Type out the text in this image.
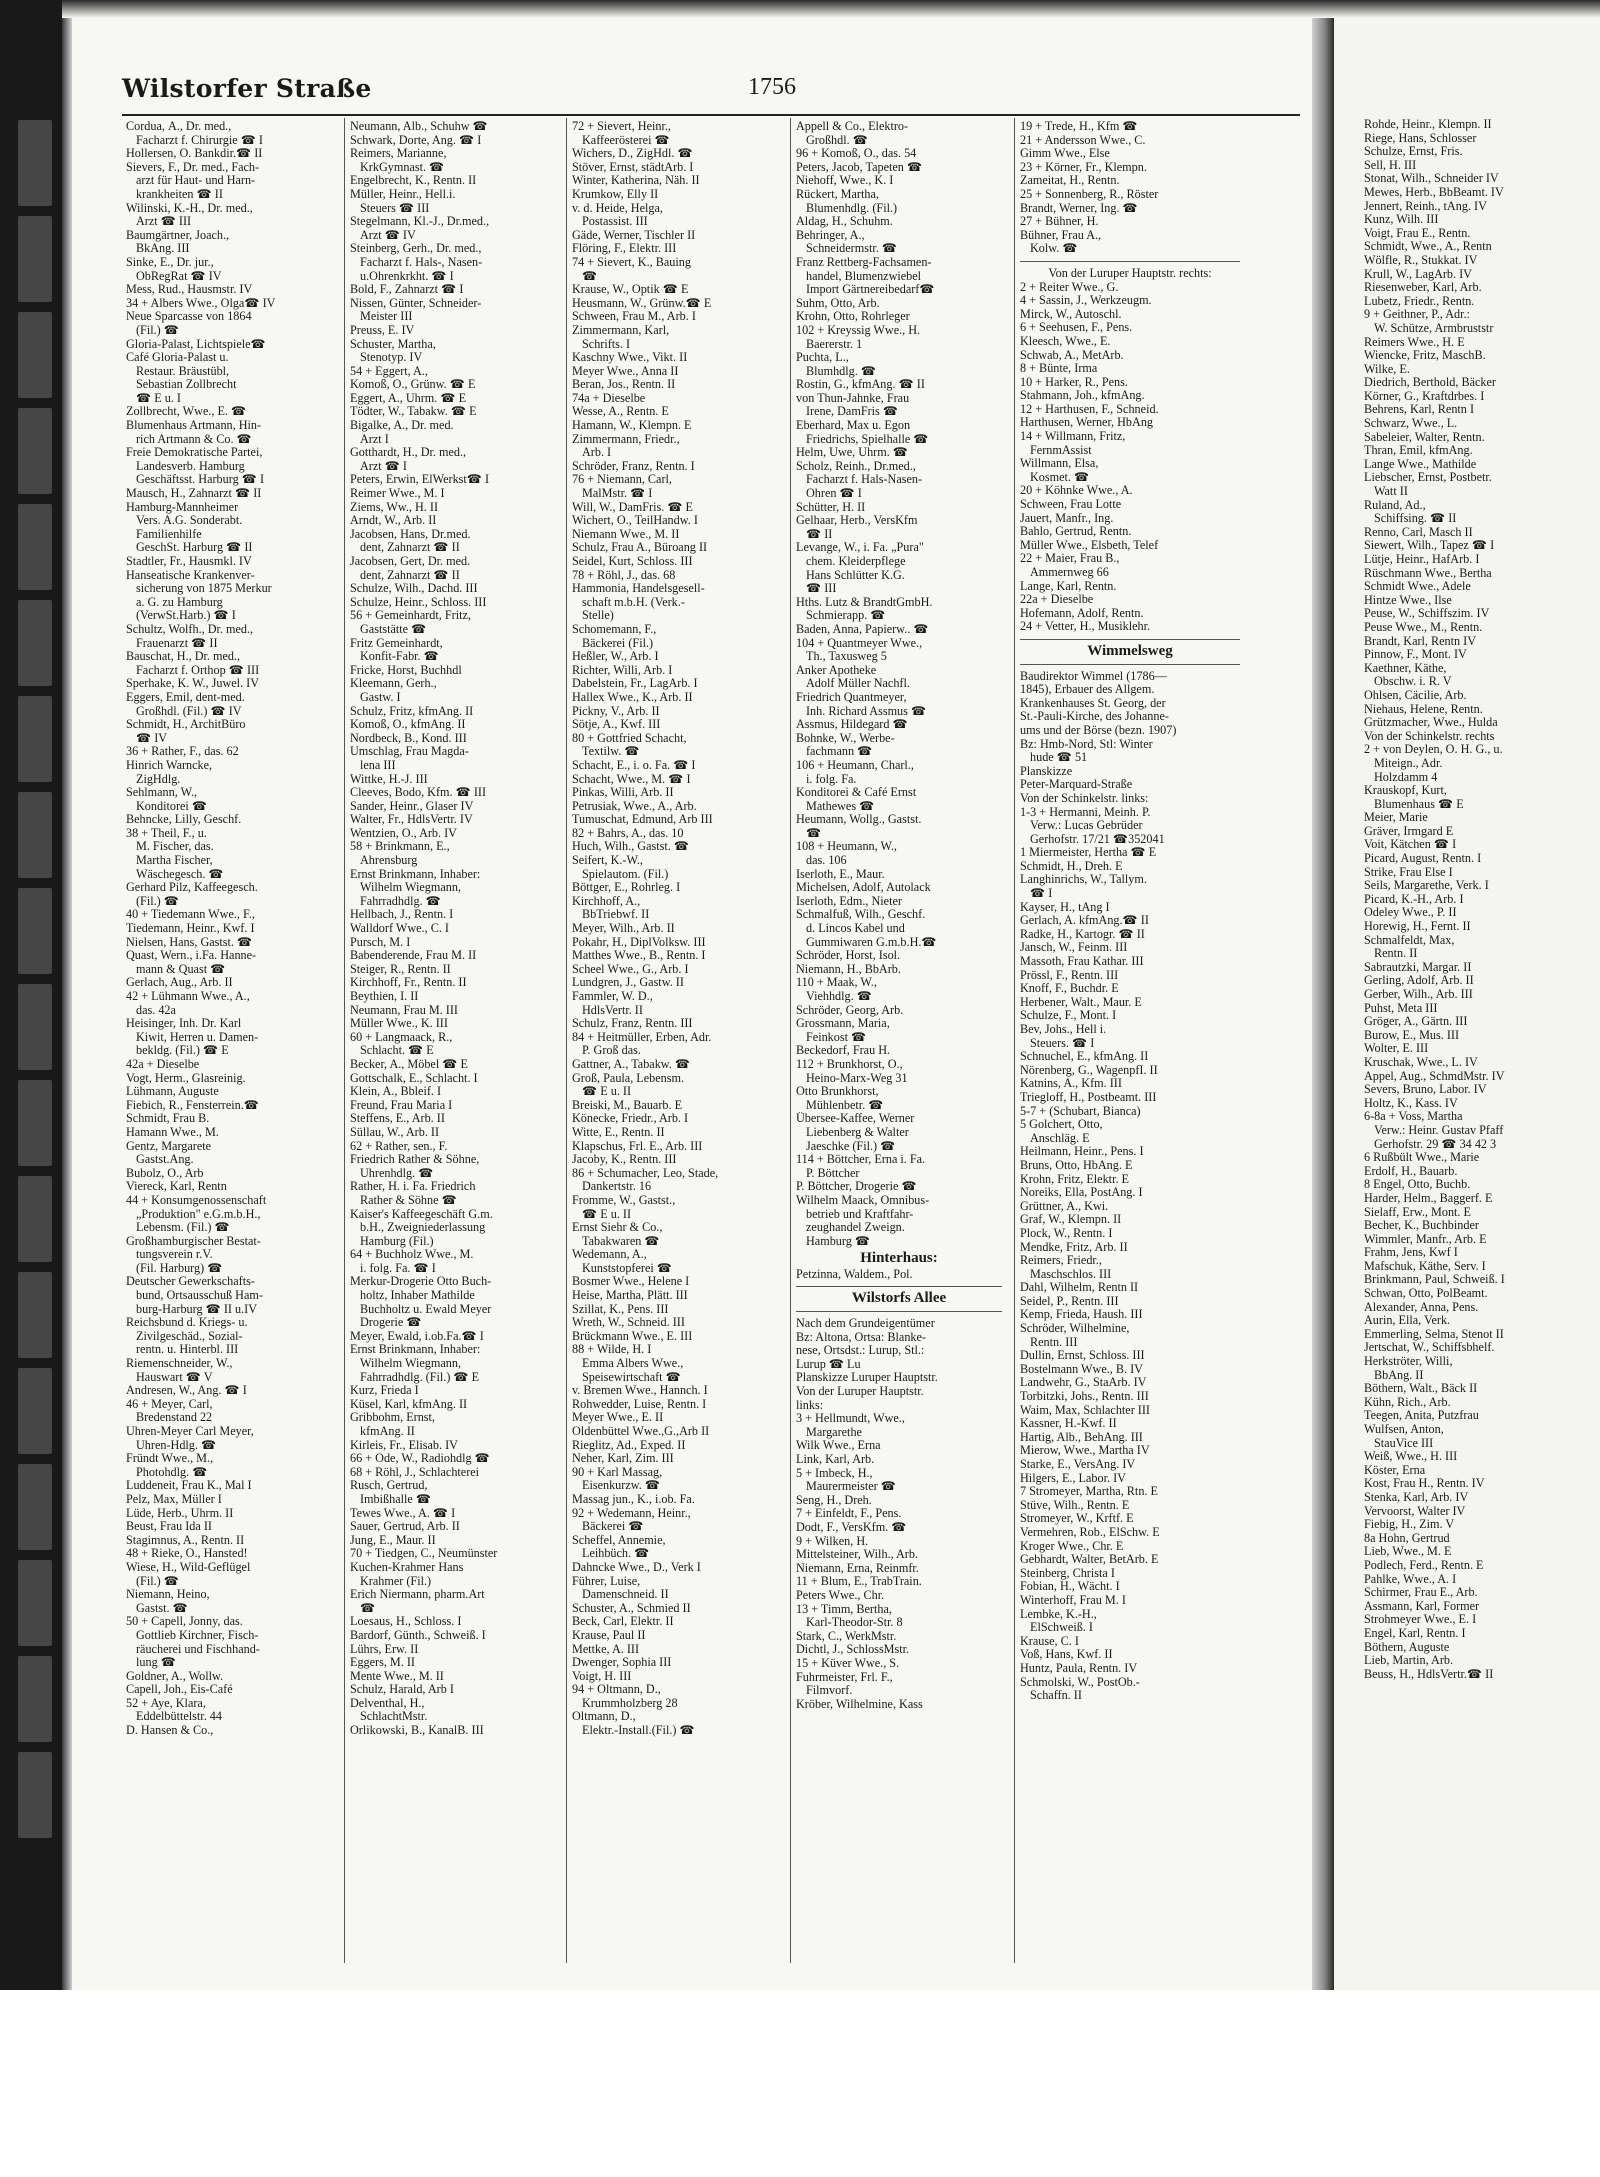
Wilstorfer Straße	1756
Corduа, A., Dr. med.,
Facharzt f. Chirurgie ☎ I
Hollersen, O. Bankdir.☎ II
Sievers, F., Dr. med., Fach-
arzt für Haut- und Harn-
krankheiten ☎ II
Wilinski, K.-H., Dr. med.,
Arzt ☎ III
Baumgärtner, Joach.,
BkAng. III
Sinke, E., Dr. jur.,
ObRegRat ☎ IV
Mess, Rud., Hausmstr. IV
34 + Albers Wwe., Olga☎ IV
Neue Sparcasse von 1864
(Fil.) ☎
Gloria-Palast, Lichtspiele☎
Café Gloria-Palast u.
Restaur. Bräustübl,
Sebastian Zollbrecht
☎ E u. I
Zollbrecht, Wwe., E. ☎
Blumenhaus Artmann, Hin-
rich Artmann & Co. ☎
Freie Demokratische Partei,
Landesverb. Hamburg
Geschäftsst. Harburg ☎ I
Mausch, H., Zahnarzt ☎ II
Hamburg-Mannheimer
Vers. A.G. Sonderabt.
Familienhilfe
GeschSt. Harburg ☎ II
Stadtler, Fr., Hausmkl. IV
Hanseatische Krankenver-
sicherung von 1875 Merkur
a. G. zu Hamburg
(VerwSt.Harb.) ☎ I
Schultz, Wolfh., Dr. med.,
Frauenarzt ☎ II
Bauschat, H., Dr. med.,
Facharzt f. Orthop ☎ III
Sperhake, K. W., Juwel. IV
Eggers, Emil, dent-med.
Großhdl. (Fil.) ☎ IV
Schmidt, H., ArchitBüro
☎ IV
36 + Rather, F., das. 62
Hinrich Warncke,
ZigHdlg.
Sehlmann, W.,
Konditorei ☎
Behncke, Lilly, Geschf.
38 + Theil, F., u.
M. Fischer, das.
Martha Fischer,
Wäschegesch. ☎
Gerhard Pilz, Kaffeegesch.
(Fil.) ☎
40 + Tiedemann Wwe., F.,
Tiedemann, Heinr., Kwf. I
Nielsen, Hans, Gastst. ☎
Quast, Wern., i.Fa. Hanne-
mann & Quast ☎
Gerlach, Aug., Arb. II
42 + Lühmann Wwe., A.,
das. 42a
Heisinger, Inh. Dr. Karl
Kiwit, Herren u. Damen-
bekldg. (Fil.) ☎ E
42a + Dieselbe
Vogt, Herm., Glasreinig.
Lühmann, Auguste
Fiebich, R., Fensterrein.☎
Schmidt, Frau B.
Hamann Wwe., M.
Gentz, Margarete
Gastst.Ang.
Bubolz, O., Arb
Viereck, Karl, Rentn
44 + Konsumgenossenschaft
„Produktion" e.G.m.b.H.,
Lebensm. (Fil.) ☎
Großhamburgischer Bestat-
tungsverein r.V.
(Fil. Harburg) ☎
Deutscher Gewerkschafts-
bund, Ortsausschuß Ham-
burg-Harburg ☎ II u.IV
Reichsbund d. Kriegs- u.
Zivilgeschäd., Sozial-
rentn. u. Hinterbl. III
Riemenschneider, W.,
Hauswart ☎ V
Andresen, W., Ang. ☎ I
46 + Meyer, Carl,
Bredenstand 22
Uhren-Meyer Carl Meyer,
Uhren-Hdlg. ☎
Fründt Wwe., M.,
Photohdlg. ☎
Luddeneit, Frau K., Mal I
Pelz, Max, Müller I
Lüde, Herb., Uhrm. II
Beust, Frau Ida II
Stagimnus, A., Rentn. II
48 + Rieke, O., Hansted!
Wiese, H., Wild-Geflügel
(Fil.) ☎
Niemann, Heino,
Gastst. ☎
50 + Capell, Jonny, das.
Gottlieb Kirchner, Fisch-
räucherei und Fischhand-
lung ☎
Goldner, A., Wollw.
Capell, Joh., Eis-Café
52 + Aye, Klara,
Eddelbüttelstr. 44
D. Hansen & Co.,
Neumann, Alb., Schuhw ☎
Schwark, Dorte, Ang. ☎ I
Reimers, Marianne,
KrkGymnast. ☎
Engelbrecht, K., Rentn. II
Müller, Heinr., Hell.i.
Steuers ☎ III
Stegelmann, Kl.-J., Dr.med.,
Arzt ☎ IV
Steinberg, Gerh., Dr. med.,
Facharzt f. Hals-, Nasen-
u.Ohrenkrkht. ☎ I
Bold, F., Zahnarzt ☎ I
Nissen, Günter, Schneider-
Meister III
Preuss, E. IV
Schuster, Martha,
Stenotyp. IV
54 + Eggert, A.,
Komoß, O., Grünw. ☎ E
Eggert, A., Uhrm. ☎ E
Tödter, W., Tabakw. ☎ E
Bigalke, A., Dr. med.
Arzt I
Gotthardt, H., Dr. med.,
Arzt ☎ I
Peters, Erwin, ElWerkst☎ I
Reimer Wwe., M. I
Ziems, Ww., H. II
Arndt, W., Arb. II
Jacobsen, Hans, Dr.med.
dent, Zahnarzt ☎ II
Jacobsen, Gert, Dr. med.
dent, Zahnarzt ☎ II
Schulze, Wilh., Dachd. III
Schulze, Heinr., Schloss. III
56 + Gemeinhardt, Fritz,
Gaststätte ☎
Fritz Gemeinhardt,
Konfit-Fabr. ☎
Fricke, Horst, Buchhdl
Kleemann, Gerh.,
Gastw. I
Schulz, Fritz, kfmAng. II
Komoß, O., kfmAng. II
Nordbeck, B., Kond. III
Umschlag, Frau Magda-
lena III
Wittke, H.-J. III
Cleeves, Bodo, Kfm. ☎ III
Sander, Heinr., Glaser IV
Walter, Fr., HdlsVertr. IV
Wentzien, O., Arb. IV
58 + Brinkmann, E.,
Ahrensburg
Ernst Brinkmann, Inhaber:
Wilhelm Wiegmann,
Fahrradhdlg. ☎
Hellbach, J., Rentn. I
Walldorf Wwe., C. I
Pursch, M. I
Babenderende, Frau M. II
Steiger, R., Rentn. II
Kirchhoff, Fr., Rentn. II
Beythien, I. II
Neumann, Frau M. III
Müller Wwe., K. III
60 + Langmaack, R.,
Schlacht. ☎ E
Becker, A., Möbel ☎ E
Gottschalk, E., Schlacht. I
Klein, A., Bbleif. I
Freund, Frau Maria I
Steffens, E., Arb. II
Süllau, W., Arb. II
62 + Rather, sen., F.
Friedrich Rather & Söhne,
Uhrenhdlg. ☎
Rather, H. i. Fa. Friedrich
Rather & Söhne ☎
Kaiser's Kaffeegeschäft G.m.
b.H., Zweigniederlassung
Hamburg (Fil.)
64 + Buchholz Wwe., M.
i. folg. Fa. ☎ I
Merkur-Drogerie Otto Buch-
holtz, Inhaber Mathilde
Buchholtz u. Ewald Meyer
Drogerie ☎
Meyer, Ewald, i.ob.Fa.☎ I
Ernst Brinkmann, Inhaber:
Wilhelm Wiegmann,
Fahrradhdlg. (Fil.) ☎ E
Kurz, Frieda I
Küsel, Karl, kfmAng. II
Gribbohm, Ernst,
kfmAng. II
Kirleis, Fr., Elisab. IV
66 + Ode, W., Radiohdlg ☎
68 + Röhl, J., Schlachterei
Rusch, Gertrud,
Imbißhalle ☎
Tewes Wwe., A. ☎ I
Sauer, Gertrud, Arb. II
Jung, E., Maur. II
70 + Tiedgen, C., Neumünster
Kuchen-Krahmer Hans
Krahmer (Fil.)
Erich Niermann, pharm.Art
☎
Loesaus, H., Schloss. I
Bardorf, Günth., Schweiß. I
Lührs, Erw. II
Eggers, M. II
Mente Wwe., M. II
Schulz, Harald, Arb I
Delventhal, H.,
SchlachtMstr.
Orlikowski, B., KanalB. III
72 + Sievert, Heinr.,
Kaffeerösterei ☎
Wichers, D., ZigHdl. ☎
Stöver, Ernst, städtArb. I
Winter, Katherina, Näh. II
Krumkow, Elly II
v. d. Heide, Helga,
Postassist. III
Gäde, Werner, Tischler II
Flöring, F., Elektr. III
74 + Sievert, K., Bauing
☎
Krause, W., Optik ☎ E
Heusmann, W., Grünw.☎ E
Schween, Frau M., Arb. I
Zimmermann, Karl,
Schrifts. I
Kaschny Wwe., Vikt. II
Meyer Wwe., Anna II
Beran, Jos., Rentn. II
74a + Dieselbe
Wesse, A., Rentn. E
Hamann, W., Klempn. E
Zimmermann, Friedr.,
Arb. I
Schröder, Franz, Rentn. I
76 + Niemann, Carl,
MalMstr. ☎ I
Will, W., DamFris. ☎ E
Wichert, O., TeilHandw. I
Niemann Wwe., M. II
Schulz, Frau A., Büroang II
Seidel, Kurt, Schloss. III
78 + Röhl, J., das. 68
Hammonia, Handelsgesell-
schaft m.b.H. (Verk.-
Stelle)
Schomemann, F.,
Bäckerei (Fil.)
Heßler, W., Arb. I
Richter, Willi, Arb. I
Dabelstein, Fr., LagArb. I
Hallex Wwe., K., Arb. II
Picknу, V., Arb. II
Sötje, A., Kwf. III
80 + Gottfried Schacht,
Textilw. ☎
Schacht, E., i. o. Fa. ☎ I
Schacht, Wwe., M. ☎ I
Pinkas, Willi, Arb. II
Petrusiak, Wwe., A., Arb.
Tumuschat, Edmund, Arb III
82 + Bahrs, A., das. 10
Huch, Wilh., Gastst. ☎
Seifert, K.-W.,
Spielautom. (Fil.)
Böttger, E., Rohrleg. I
Kirchhoff, A.,
BbTriebwf. II
Meyer, Wilh., Arb. II
Pokahr, H., DiplVolksw. III
Matthes Wwe., B., Rentn. I
Scheel Wwe., G., Arb. I
Lundgren, J., Gastw. II
Fammler, W. D.,
HdlsVertr. II
Schulz, Franz, Rentn. III
84 + Heitmüller, Erben, Adr.
P. Groß das.
Gattner, A., Tabakw. ☎
Groß, Paula, Lebensm.
☎ E u. II
Breiski, M., Bauarb. E
Könecke, Friedr., Arb. I
Witte, E., Rentn. II
Klapschus, Frl. E., Arb. III
Jacoby, K., Rentn. III
86 + Schumacher, Leo, Stade,
Dankertstr. 16
Fromme, W., Gastst.,
☎ E u. II
Ernst Siehr & Co.,
Tabakwaren ☎
Wedemann, A.,
Kunststopferei ☎
Bosmer Wwe., Helene I
Heise, Martha, Plätt. III
Szillat, K., Pens. III
Wreth, W., Schneid. III
Brückmann Wwe., E. III
88 + Wilde, H. I
Emma Albers Wwe.,
Speisewirtschaft ☎
v. Bremen Wwe., Hannch. I
Rohwedder, Luise, Rentn. I
Meyer Wwe., E. II
Oldenbüttel Wwe.,G.,Arb II
Rieglitz, Ad., Exped. II
Neher, Karl, Zim. III
90 + Karl Massag,
Eisenkurzw. ☎
Massag jun., K., i.ob. Fa.
92 + Wedemann, Heinr.,
Bäckerei ☎
Scheffel, Annemie,
Leihbüch. ☎
Dahncke Wwe., D., Verk I
Führer, Luise,
Damenschneid. II
Schuster, A., Schmied II
Beck, Carl, Elektr. II
Krause, Paul II
Mettke, A. III
Dwenger, Sophia III
Voigt, H. III
94 + Oltmann, D.,
Krummholzberg 28
Oltmann, D.,
Elektr.-Install.(Fil.) ☎
Appell & Co., Elektro-
Großhdl. ☎
96 + Komoß, O., das. 54
Peters, Jacob, Tapeten ☎
Niehoff, Wwe., K. I
Rückert, Martha,
Blumenhdlg. (Fil.)
Aldag, H., Schuhm.
Behringer, A.,
Schneidermstr. ☎
Franz Rettberg-Fachsamen-
handel, Blumenzwiebel
Import Gärtnereibedarf☎
Suhm, Otto, Arb.
Krohn, Otto, Rohrleger
102 + Kreyssig Wwe., H.
Baererstr. 1
Puchta, L.,
Blumhdlg. ☎
Rostin, G., kfmAng. ☎ II
von Thun-Jahnke, Frau
Irene, DamFris ☎
Eberhard, Max u. Egon
Friedrichs, Spielhalle ☎
Helm, Uwe, Uhrm. ☎
Scholz, Reinh., Dr.med.,
Facharzt f. Hals-Nasen-
Ohren ☎ I
Schütter, H. II
Gelhaar, Herb., VersKfm
☎ II
Levange, W., i. Fa. „Pura"
chem. Kleiderpflege
Hans Schlütter K.G.
☎ III
Hths. Lutz & BrandtGmbH.
Schmierapp. ☎
Baden, Anna, Papierw.. ☎
104 + Quantmeyer Wwe.,
Th., Taxusweg 5
Anker Apotheke
Adolf Müller Nachfl.
Friedrich Quantmeyer,
Inh. Richard Assmus ☎
Assmus, Hildegard ☎
Bohnke, W., Werbe-
fachmann ☎
106 + Heumann, Charl.,
i. folg. Fa.
Konditorei & Café Ernst
Mathewes ☎
Heumann, Wollg., Gastst.
☎
108 + Heumann, W.,
das. 106
Iserloth, E., Maur.
Michelsen, Adolf, Autolack
Iserloth, Edm., Nieter
Schmalfuß, Wilh., Geschf.
d. Lincos Kabel und
Gummiwaren G.m.b.H.☎
Schröder, Horst, Isol.
Niemann, H., BbArb.
110 + Maak, W.,
Viehhdlg. ☎
Schröder, Georg, Arb.
Grossmann, Maria,
Feinkost ☎
Beckedorf, Frau H.
112 + Brunkhorst, O.,
Heino-Marx-Weg 31
Otto Brunkhorst,
Mühlenbetr. ☎
Überseе-Kaffee, Werner
Liebenberg & Walter
Jaeschke (Fil.) ☎
114 + Böttcher, Erna i. Fa.
P. Böttcher
P. Böttcher, Drogerie ☎
Wilhelm Maack, Omnibus-
betrieb und Kraftfahr-
zeughandel Zweign.
Hamburg ☎
Hinterhaus:
Petzinna, Waldem., Pol.
Wilstorfs Allee
Nach dem Grundeigentümer
Bz: Altona, Ortsa: Blanke-
nese, Ortsdst.: Lurup, Stl.:
Lurup ☎ Lu
Planskizze Luruper Hauptstr.
Von der Luruper Hauptstr.
links:
3 + Hellmundt, Wwe.,
Margarethe
Wilk Wwe., Erna
Link, Karl, Arb.
5 + Imbeck, H.,
Maurermeister ☎
Seng, H., Dreh.
7 + Einfeldt, F., Pens.
Dodt, F., VersKfm. ☎
9 + Wilken, H.
Mittelsteiner, Wilh., Arb.
Niemann, Erna, Reinmfr.
11 + Blum, E., TrabTrain.
Peters Wwe., Chr.
13 + Timm, Bertha,
Karl-Theodor-Str. 8
Stark, C., WerkMstr.
Dichtl, J., SchlossMstr.
15 + Küver Wwe., S.
Fuhrmeister, Frl. F.,
Filmvorf.
Kröber, Wilhelmine, Kass
19 + Trede, H., Kfm ☎
21 + Andersson Wwe., C.
Gimm Wwe., Else
23 + Körner, Fr., Klempn.
Zameitat, H., Rentn.
25 + Sonnenberg, R., Röster
Brandt, Werner, Ing. ☎
27 + Bühner, H.
Bühner, Frau A.,
Kolw. ☎
Von der Luruper Hauptstr. rechts:
2 + Reiter Wwe., G.
4 + Sassin, J., Werkzeugm.
Mirck, W., Autoschl.
6 + Seehusen, F., Pens.
Kleesch, Wwe., E.
Schwab, A., MetArb.
8 + Bünte, Irma
10 + Harker, R., Pens.
Stahmann, Joh., kfmAng.
12 + Harthusen, F., Schneid.
Harthusen, Werner, HbAng
14 + Willmann, Fritz,
FernmAssist
Willmann, Elsa,
Kosmet. ☎
20 + Köhnke Wwe., A.
Schween, Frau Lotte
Jauert, Manfr., Ing.
Bahlo, Gertrud, Rentn.
Müller Wwe., Elsbeth, Telef
22 + Maier, Frau B.,
Ammernweg 66
Lange, Karl, Rentn.
22a + Dieselbe
Hofemann, Adolf, Rentn.
24 + Vetter, H., Musiklehr.
Wimmelsweg
Baudirektor Wimmel (1786—
1845), Erbauer des Allgem.
Krankenhauses St. Georg, der
St.-Pauli-Kirche, des Johanne-
ums und der Börse (bezn. 1907)
Bz: Hmb-Nord, Stl: Winter
hude ☎ 51
Planskizze
Peter-Marquard-Straße
Von der Schinkelstr. links:
1-3 + Hermanni, Meinh. P.
Verw.: Lucas Gebrüder
Gerhofstr. 17/21 ☎352041
1 Miermeister, Hertha ☎ E
Schmidt, H., Dreh. E
Langhinrichs, W., Tallym.
☎ I
Kayser, H., tAng I
Gerlach, A. kfmAng.☎ II
Radke, H., Kartogr. ☎ II
Jansch, W., Feinm. III
Massoth, Frau Kathar. III
Prössl, F., Rentn. III
Knoff, F., Buchdr. E
Herbener, Walt., Maur. E
Schulze, F., Mont. I
Bev, Johs., Hell i.
Steuers. ☎ I
Schnuchel, E., kfmAng. II
Nörenberg, G., WagenpfI. II
Katnins, A., Kfm. III
Triegloff, H., Postbeamt. III
5-7 + (Schubart, Bianca)
5 Golchert, Otto,
Anschläg. E
Heilmann, Heinr., Pens. I
Bruns, Otto, HbAng. E
Krohn, Fritz, Elektr. E
Noreiks, Ella, PostAng. I
Grüttner, A., Kwi.
Graf, W., Klempn. II
Plock, W., Rentn. I
Mendke, Fritz, Arb. II
Reimers, Friedr.,
Maschschlos. III
Dahl, Wilhelm, Rentn II
Seidel, P., Rentn. III
Kemp, Frieda, Haush. III
Schröder, Wilhelmine,
Rentn. III
Dullin, Ernst, Schloss. III
Bostelmann Wwe., B. IV
Landwehr, G., StaArb. IV
Torbitzki, Johs., Rentn. III
Waim, Max, Schlachter III
Kassner, H.-Kwf. II
Hartig, Alb., BehAng. III
Mierow, Wwe., Martha IV
Starke, E., VersAng. IV
Hilgers, E., Labor. IV
7 Stromeyer, Martha, Rtn. E
Stüve, Wilh., Rentn. E
Stromeyer, W., Krftf. E
Vermehren, Rob., ElSchw. E
Kroger Wwe., Chr. E
Gebhardt, Walter, BetArb. E
Steinberg, Christa I
Fobian, H., Wächt. I
Winterhoff, Frau M. I
Lembke, K.-H.,
ElSchweiß. I
Krause, C. I
Voß, Hans, Kwf. II
Huntz, Paula, Rentn. IV
Schmolski, W., PostOb.-
Schaffn. II
Rohde, Heinr., Klempn. II
Riege, Hans, Schlosser
Schulze, Ernst, Fris.
Sell, H. III
Stonat, Wilh., Schneider IV
Mewes, Herb., BbBeamt. IV
Jennert, Reinh., tAng. IV
Kunz, Wilh. III
Voigt, Frau E., Rentn.
Schmidt, Wwe., A., Rentn
Wölfle, R., Stukkat. IV
Krull, W., LagArb. IV
Riesenweber, Karl, Arb.
Lubetz, Friedr., Rentn.
9 + Geithner, P., Adr.:
W. Schütze, Armbruststr
Reimers Wwe., H. E
Wiencke, Fritz, MaschB.
Wilke, E.
Diedrich, Berthold, Bäcker
Körner, G., Kraftdrbes. I
Behrens, Karl, Rentn I
Schwarz, Wwe., L.
Sabeleier, Walter, Rentn.
Thran, Emil, kfmAng.
Lange Wwe., Mathilde
Liebscher, Ernst, Postbetr.
Watt II
Ruland, Ad.,
Schiffsing. ☎ II
Renno, Carl, Masch II
Siewert, Wilh., Tapez ☎ I
Lütje, Heinr., HafArb. I
Rüschmann Wwe., Bertha
Schmidt Wwe., Adele
Hintze Wwe., Ilse
Peuse, W., Schiffszim. IV
Peuse Wwe., M., Rentn.
Brandt, Karl, Rentn IV
Pinnow, F., Mont. IV
Kaethner, Käthe,
Obschw. i. R. V
Ohlsen, Cäcilie, Arb.
Niehaus, Helene, Rentn.
Grützmacher, Wwe., Hulda
Von der Schinkelstr. rechts
2 + von Deylen, O. H. G., u.
Miteign., Adr.
Holzdamm 4
Krauskopf, Kurt,
Blumenhaus ☎ E
Meier, Marie
Gräver, Irmgard E
Voit, Kätchen ☎ I
Picard, August, Rentn. I
Strike, Frau Else I
Seils, Margarethe, Verk. I
Picard, K.-H., Arb. I
Odeley Wwe., P. II
Horewig, H., Fernt. II
Schmalfeldt, Max,
Rentn. II
Sabrautzki, Margar. II
Gerling, Adolf, Arb. II
Gerber, Wilh., Arb. III
Puhst, Meta III
Gröger, A., Gärtn. III
Burow, E., Mus. III
Wolter, E. III
Kruschak, Wwe., L. IV
Appel, Aug., SchmdMstr. IV
Severs, Bruno, Labor. IV
Holtz, K., Kass. IV
6-8a + Voss, Martha
Verw.: Heinr. Gustav Pfaff
Gerhofstr. 29 ☎ 34 42 3
6 Rußbült Wwe., Marie
Erdolf, H., Bauarb.
8 Engel, Otto, Buchb.
Harder, Helm., Baggerf. E
Sielaff, Erw., Mont. E
Becher, K., Buchbinder
Wimmler, Manfr., Arb. E
Frahm, Jens, Kwf I
Mafschuk, Käthe, Serv. I
Brinkmann, Paul, Schweiß. I
Schwan, Otto, PolBeamt.
Alexander, Anna, Pens.
Aurin, Ella, Verk.
Emmerling, Selma, Stenot II
Jertschat, W., Schiffsbhelf.
Herkströter, Willi,
BbAng. II
Böthern, Walt., Bäck II
Kühn, Rich., Arb.
Teegen, Anita, Putzfrau
Wulfsen, Anton,
StauVice III
Weiß, Wwe., H. III
Köster, Erna
Kost, Frau H., Rentn. IV
Stenka, Karl, Arb. IV
Vervoorst, Walter IV
Fiebig, H., Zim. V
8a Hohn, Gertrud
Lieb, Wwe., M. E
Podlech, Ferd., Rentn. E
Pahlke, Wwe., A. I
Schirmer, Frau E., Arb.
Assmann, Karl, Former
Strohmeyer Wwe., E. I
Engel, Karl, Rentn. I
Böthern, Auguste
Lieb, Martin, Arb.
Beuss, H., HdlsVertr.☎ II
